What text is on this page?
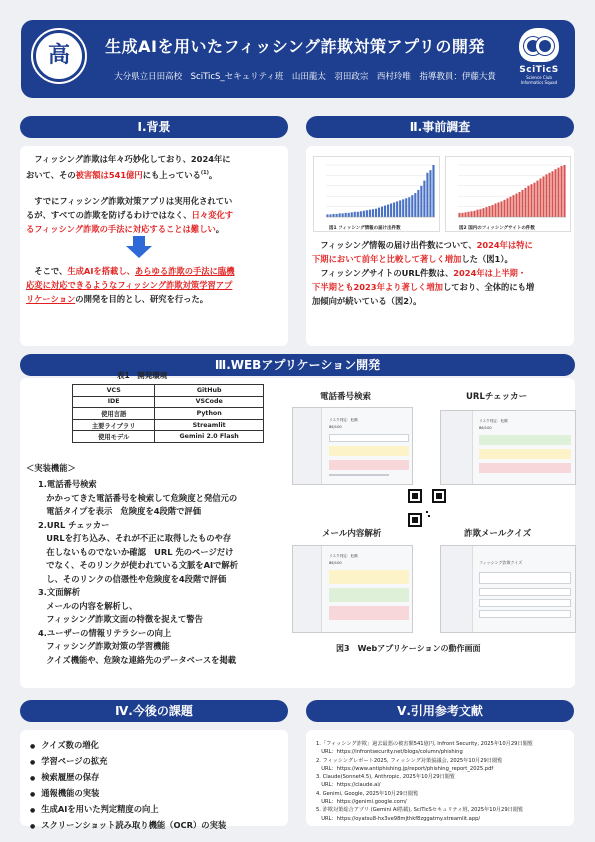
高	生成AIを用いたフィッシング詐欺対策アプリの開発
大分県立日田高校　SciTicS_セキュリティ班　山田龍太　羽田政宗　西村玲唯　指導教員：伊藤大貴
SciTicS
Science Club
Informatics Squad
Ⅰ.背景
　フィッシング詐欺は年々巧妙化しており、2024年に
おいて、その被害額は541億円にも上っている$^{(1)}$。
　すでにフィッシング詐欺対策アプリは実用化されてい
るが、すべての詐欺を防げるわけではなく、日々変化す
るフィッシング詐欺の手法に対応することは難しい。
　そこで、生成AIを搭載し、あらゆる詐欺の手法に臨機
応変に対応できるようなフィッシング詐欺対策学習アプ
リケーションの開発を目的とし、研究を行った。
Ⅱ.事前調査
図1 フィッシング情報の届け出件数	図2 国内のフィッシングサイトの件数
　フィッシング情報の届け出件数について、2024年は特に
下期において前年と比較して著しく増加した（図1）。
　フィッシングサイトのURL件数は、2024年は上半期・
下半期とも2023年より著しく増加しており、全体的にも増
加傾向が続いている（図2）。
Ⅲ.WEBアプリケーション開発
表1　開発環境
VCS	GitHub
IDE	VSCode
使用言語	Python
主要ライブラリ	Streamlit
使用モデル	Gemini 2.0 Flash
＜実装機能＞
1.電話番号検索
　かかってきた電話番号を検索して危険度と発信元の
　電話タイプを表示　危険度を4段階で評価
2.URL チェッカー
　URLを打ち込み、それが不正に取得したものや存
　在しないものでないか確認　URL 先のページだけ
　でなく、そのリンクが使われている文脈をAIで解析
　し、そのリンクの信憑性や危険度を4段階で評価
3.文面解析
　メールの内容を解析し、
　フィッシング詐欺文面の特徴を捉えて警告
4.ユーザーの情報リテラシーの向上
　フィッシング詐欺対策の学習機能
　クイズ機能や、危険な連絡先のデータベースを掲載
電話番号検索	URLチェッカー
メール内容解析	詐欺メールクイズ
リスク判定：危険
86/100
リスク判定：危険
86/100
リスク判定：危険
86/100	フィッシング詐欺クイズ
図3　Webアプリケーションの動作画面
Ⅳ.今後の課題
●　クイズ数の増化
●　学習ページの拡充
●　検索履歴の保存
●　通報機能の実装
●　生成AIを用いた判定精度の向上
●　スクリーンショット読み取り機能（OCR）の実装
Ⅴ.引用参考文献
1.「フィッシング詐欺」過去最悪の被害額541億円, Infront Security, 2025年10月29日閲覧
　URL：https://infrontsecurity.net/blogs/column/phishing
2. フィッシングレポート2025, フィッシング対策協議会, 2025年10月29日閲覧
　URL：https://www.antiphishing.jp/report/phishing_report_2025.pdf
3. Claude(Sonnet4.5), Anthropic, 2025年10月29日閲覧
　URL：https://claude.ai/
4. Genimi, Google, 2025年10月29日閲覧
　URL：https://genimi.google.com/
5. 詐欺対策総合アプリ (Gemini AI搭載), SciTicSセキュリティ班, 2025年10月29日閲覧
　URL：https://oyatsu8-hx3ve98mjthkf8zggatmy.streamlit.app/
